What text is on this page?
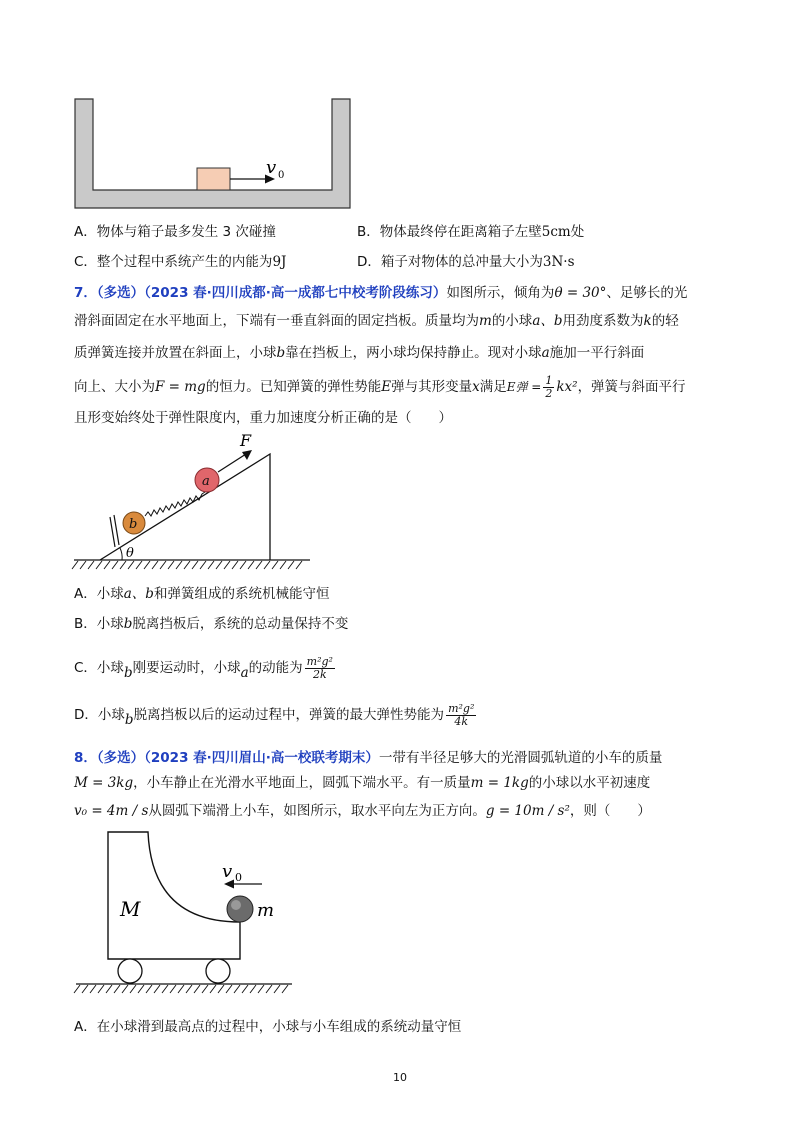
v 0
A．物体与箱子最多发生 3 次碰撞	B．物体最终停在距离箱子左壁5cm处
C．整个过程中系统产生的内能为9J	D．箱子对物体的总冲量大小为3N·s
7．（多选）（2023 春·四川成都·高一成都七中校考阶段练习）如图所示，倾角为θ = 30°、足够长的光
滑斜面固定在水平地面上，下端有一垂直斜面的固定挡板。质量均为m的小球a、b用劲度系数为k的轻
质弹簧连接并放置在斜面上，小球b靠在挡板上，两小球均保持静止。现对小球a施加一平行斜面
向上、大小为F = mg的恒力。已知弹簧的弹性势能E弹与其形变量x满足E弹 = $\frac{1}{2} kx^2$，弹簧与斜面平行
且形变始终处于弹性限度内，重力加速度分析正确的是（　　）
b
a
F
θ
A．小球a、b和弹簧组成的系统机械能守恒
B．小球b脱离挡板后，系统的总动量保持不变
C．小球b刚要运动时，小球a的动能为 $\frac{\text{m²g²}}{2k}$
D．小球b脱离挡板以后的运动过程中，弹簧的最大弹性势能为 $\frac{\text{m²g²}}{4k}$
8．（多选）（2023 春·四川眉山·高一校联考期末）一带有半径足够大的光滑圆弧轨道的小车的质量
M = 3kg，小车静止在光滑水平地面上，圆弧下端水平。有一质量m = 1kg的小球以水平初速度
v₀ = 4m / s从圆弧下端滑上小车，如图所示，取水平向左为正方向。g = 10m / s²，则（　　）
M	m
v 0
A．在小球滑到最高点的过程中，小球与小车组成的系统动量守恒
10
